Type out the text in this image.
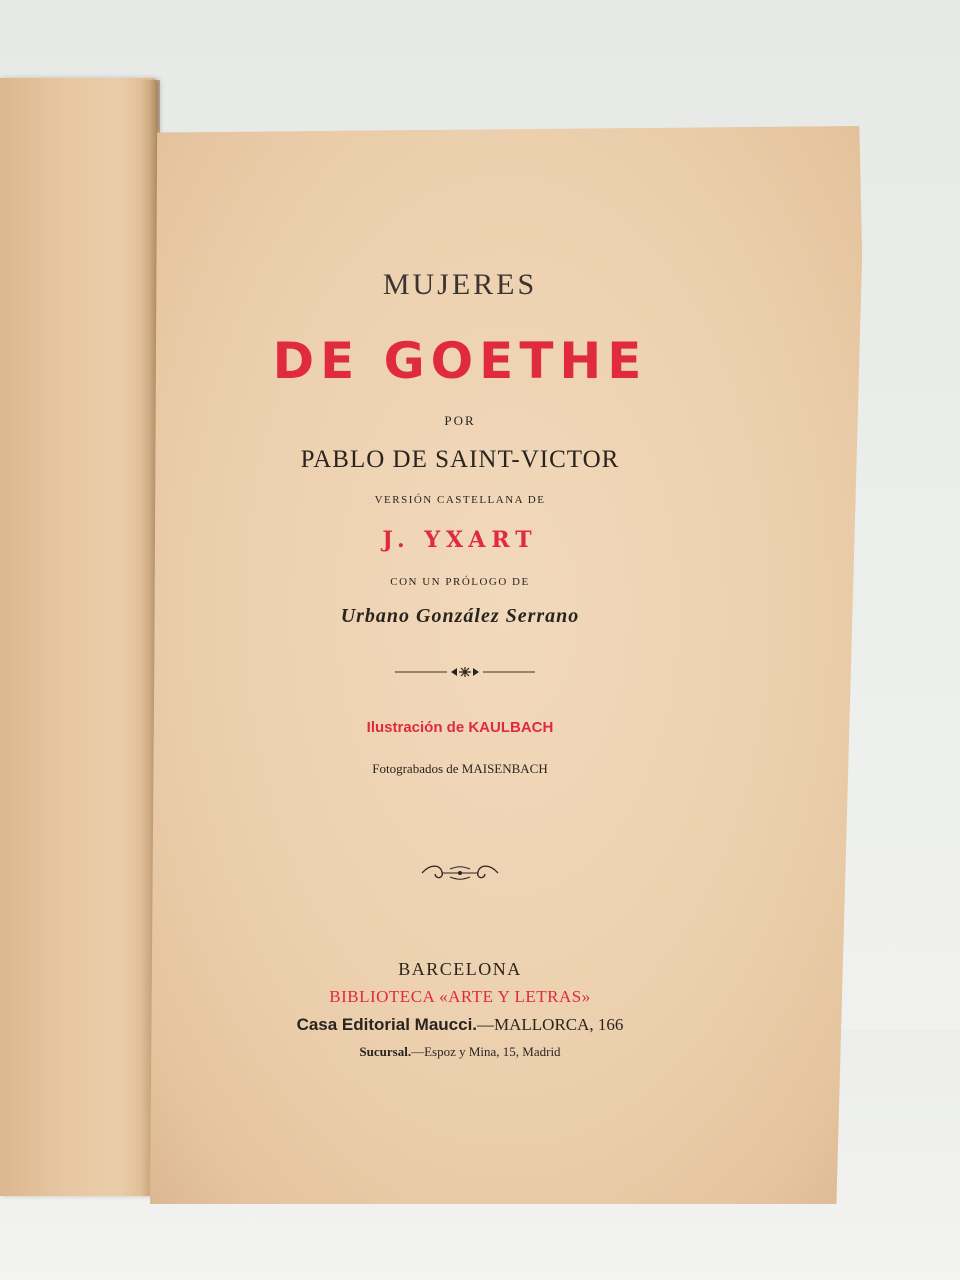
MUJERES

DE GOETHE

POR

PABLO DE SAINT-VICTOR

VERSIÓN CASTELLANA DE

J. YXART

CON UN PRÓLOGO DE

Urbano González Serrano

Ilustración de KAULBACH

Fotograbados de MAISENBACH

BARCELONA

BIBLIOTECA «ARTE Y LETRAS»

Casa Editorial Maucci.—MALLORCA, 166

Sucursal.—Espoz y Mina, 15, Madrid
